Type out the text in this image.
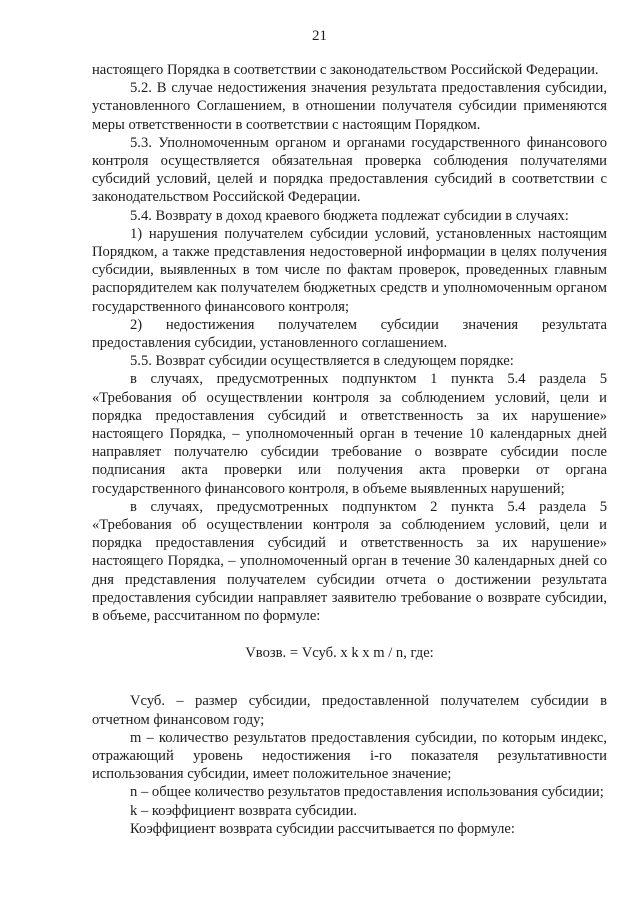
21

настоящего Порядка в соответствии с законодательством Российской Федерации.

5.2. В случае недостижения значения результата предоставления субсидии, установленного Соглашением, в отношении получателя субсидии применяются меры ответственности в соответствии с настоящим Порядком.

5.3. Уполномоченным органом и органами государственного финансового контроля осуществляется обязательная проверка соблюдения получателями субсидий условий, целей и порядка предоставления субсидий в соответствии с законодательством Российской Федерации.

5.4. Возврату в доход краевого бюджета подлежат субсидии в случаях:

1) нарушения получателем субсидии условий, установленных настоящим Порядком, а также представления недостоверной информации в целях получения субсидии, выявленных в том числе по фактам проверок, проведенных главным распорядителем как получателем бюджетных средств и уполномоченным органом государственного финансового контроля;

2) недостижения получателем субсидии значения результата предоставления субсидии, установленного соглашением.

5.5. Возврат субсидии осуществляется в следующем порядке:

в случаях, предусмотренных подпунктом 1 пункта 5.4 раздела 5 «Требования об осуществлении контроля за соблюдением условий, цели и порядка предоставления субсидий и ответственность за их нарушение» настоящего Порядка, – уполномоченный орган в течение 10 календарных дней направляет получателю субсидии требование о возврате субсидии после подписания акта проверки или получения акта проверки от органа государственного финансового контроля, в объеме выявленных нарушений;

в случаях, предусмотренных подпунктом 2 пункта 5.4 раздела 5 «Требования об осуществлении контроля за соблюдением условий, цели и порядка предоставления субсидий и ответственность за их нарушение» настоящего Порядка, – уполномоченный орган в течение 30 календарных дней со дня представления получателем субсидии отчета о достижении результата предоставления субсидии направляет заявителю требование о возврате субсидии, в объеме, рассчитанном по формуле:

Vвозв. = Vсуб. x k x m / n, где:

Vсуб. – размер субсидии, предоставленной получателем субсидии в отчетном финансовом году;

m – количество результатов предоставления субсидии, по которым индекс, отражающий уровень недостижения i-го показателя результативности использования субсидии, имеет положительное значение;

n – общее количество результатов предоставления использования субсидии;

k – коэффициент возврата субсидии.

Коэффициент возврата субсидии рассчитывается по формуле:
